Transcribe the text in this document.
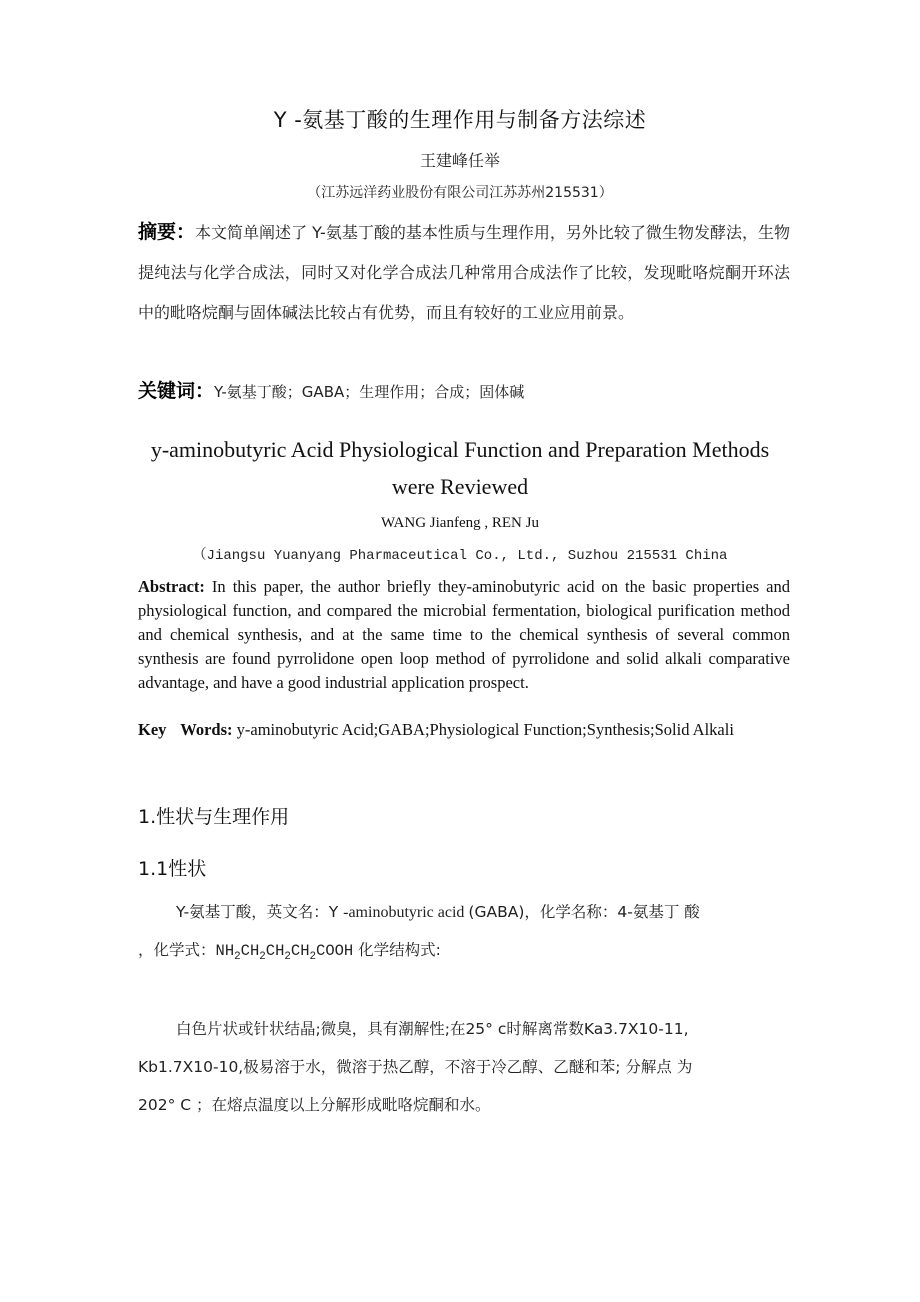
Y -氨基丁酸的生理作用与制备方法综述
王建峰任举
（江苏远洋药业股份有限公司江苏苏州215531）
摘要：本文简单阐述了 Y-氨基丁酸的基本性质与生理作用，另外比较了微生物发酵法，生物提纯法与化学合成法，同时又对化学合成法几种常用合成法作了比较，发现毗咯烷酮开环法中的毗咯烷酮与固体碱法比较占有优势，而且有较好的工业应用前景。
关键词：Y-氨基丁酸；GABA；生理作用；合成；固体碱
y-aminobutyric Acid Physiological Function and Preparation Methods
were Reviewed
WANG Jianfeng , REN Ju
（Jiangsu Yuanyang Pharmaceutical Co., Ltd., Suzhou 215531 China
Abstract: In this paper, the author briefly they-aminobutyric acid on the basic properties and physiological function, and compared the microbial fermentation, biological purification method and chemical synthesis, and at the same time to the chemical synthesis of several common synthesis are found pyrrolidone open loop method of pyrrolidone and solid alkali comparative advantage, and have a good industrial application prospect.
Key Words: y-aminobutyric Acid;GABA;Physiological Function;Synthesis;Solid Alkali
1.性状与生理作用
1.1性状
Y-氨基丁酸，英文名：Y -aminobutyric acid (GABA)，化学名称：4-氨基丁 酸
，化学式：$NH_2CH_2CH_2CH_2COOH$ 化学结构式:
白色片状或针状结晶;微臭，具有潮解性;在25° c时解离常数Ka3.7X10-11,
Kb1.7X10-10,极易溶于水，微溶于热乙醇，不溶于冷乙醇、乙醚和苯; 分解点 为
202° C ；在熔点温度以上分解形成毗咯烷酮和水。
